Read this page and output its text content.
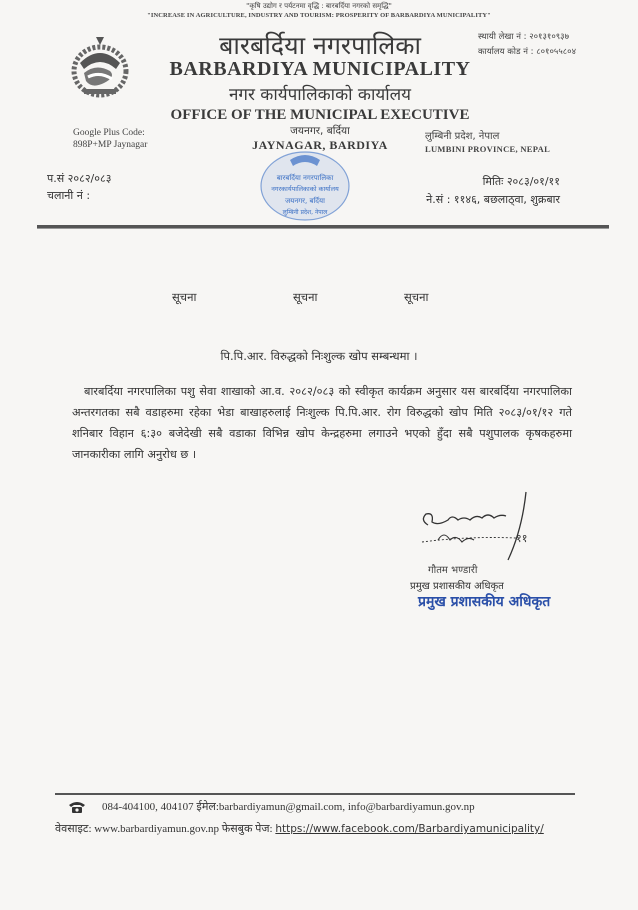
"कृषि उद्योग र पर्यटनमा वृद्धि : बारबर्दिया नगरको समृद्धि"
"INCREASE IN AGRICULTURE, INDUSTRY AND TOURISM: PROSPERITY OF BARBARDIYA MUNICIPALITY"
बारबर्दिया नगरपालिका
BARBARDIYA MUNICIPALITY
नगर कार्यपालिकाको कार्यालय
OFFICE OF THE MUNICIPAL EXECUTIVE
स्थायी लेखा नं : २०१३१०९३७
कार्यालय कोड नं : ८०१०५५८०४
Google Plus Code:
898P+MP Jaynagar
जयनगर, बर्दिया
JAYNAGAR, BARDIYA
लुम्बिनी प्रदेश, नेपाल
LUMBINI PROVINCE, NEPAL
बारबर्दिया नगरपालिका
नगरकार्यपालिकाको कार्यालय
जयनगर, बर्दिया
लुम्बिनी प्रदेश, नेपाल
प.सं २०८२/०८३
चलानी नं :
मितिः २०८३/०१/११
ने.सं : ११४६, बछलाठ्वा, शुक्रबार
सूचना	सूचना	सूचना
पि.पि.आर. विरुद्धको निःशुल्क खोप सम्बन्धमा ।
बारबर्दिया नगरपालिका पशु सेवा शाखाको आ.व. २०८२/०८३ को स्वीकृत कार्यक्रम अनुसार यस बारबर्दिया नगरपालिका अन्तरगतका सबै वडाहरुमा रहेका भेडा बाखाहरुलाई निःशुल्क पि.पि.आर. रोग विरुद्धको खोप मिति २०८३/०१/१२ गते शनिबार विहान ६:३० बजेदेखी सबै वडाका विभिन्न खोप केन्द्रहरुमा लगाउने भएको हुँदा सबै पशुपालक कृषकहरुमा जानकारीका लागि अनुरोध छ ।
११
गौतम भण्डारी
प्रमुख प्रशासकीय अधिकृत
प्रमुख प्रशासकीय अधिकृत
084-404100, 404107 ईमेल:barbardiyamun@gmail.com, info@barbardiyamun.gov.np
वेवसाइट: www.barbardiyamun.gov.np फेसबुक पेज: https://www.facebook.com/Barbardiyamunicipality/
